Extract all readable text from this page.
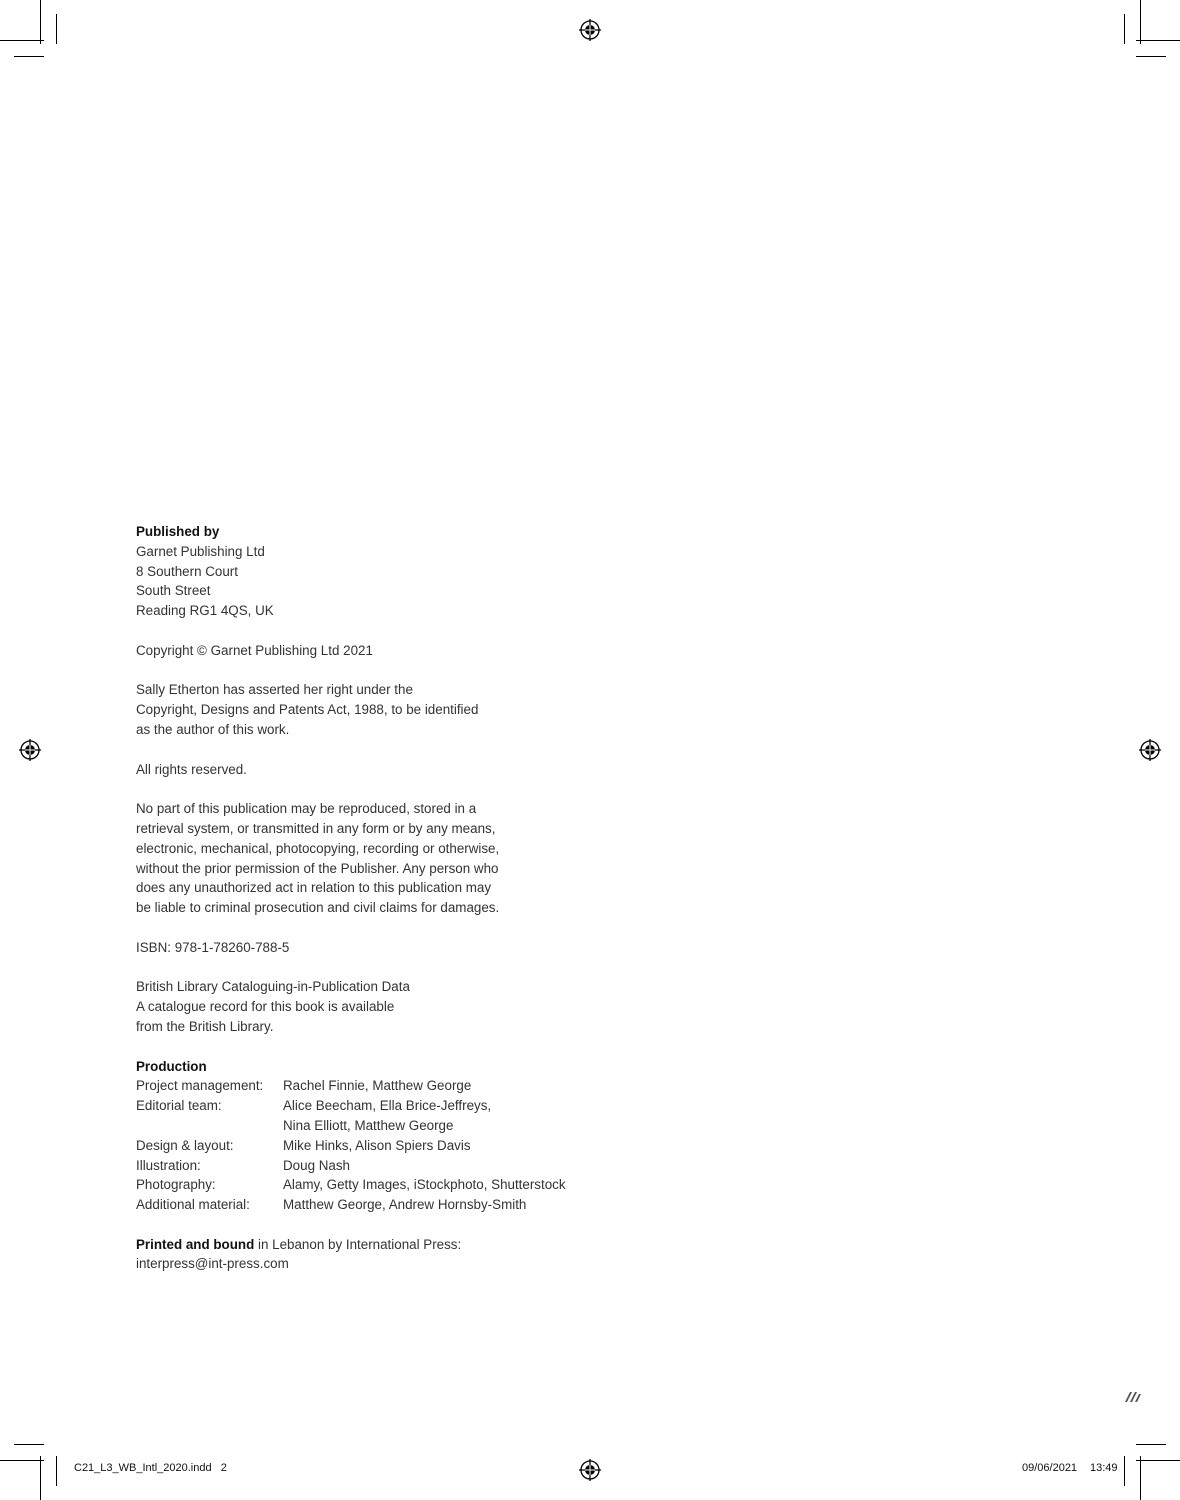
Published by
Garnet Publishing Ltd
8 Southern Court
South Street
Reading RG1 4QS, UK

Copyright © Garnet Publishing Ltd 2021

Sally Etherton has asserted her right under the
Copyright, Designs and Patents Act, 1988, to be identified
as the author of this work.

All rights reserved.

No part of this publication may be reproduced, stored in a
retrieval system, or transmitted in any form or by any means,
electronic, mechanical, photocopying, recording or otherwise,
without the prior permission of the Publisher. Any person who
does any unauthorized act in relation to this publication may
be liable to criminal prosecution and civil claims for damages.

ISBN: 978-1-78260-788-5

British Library Cataloguing-in-Publication Data
A catalogue record for this book is available
from the British Library.

Production
Project management:	Rachel Finnie, Matthew George
Editorial team:	Alice Beecham, Ella Brice-Jeffreys,

Nina Elliott, Matthew George
Design & layout:	Mike Hinks, Alison Spiers Davis
Illustration:	Doug Nash
Photography:	Alamy, Getty Images, iStockphoto, Shutterstock
Additional material:	Matthew George, Andrew Hornsby-Smith

Printed and bound in Lebanon by International Press:
interpress@int-press.com

C21_L3_WB_Intl_2020.indd   2	09/06/2021 13:49
